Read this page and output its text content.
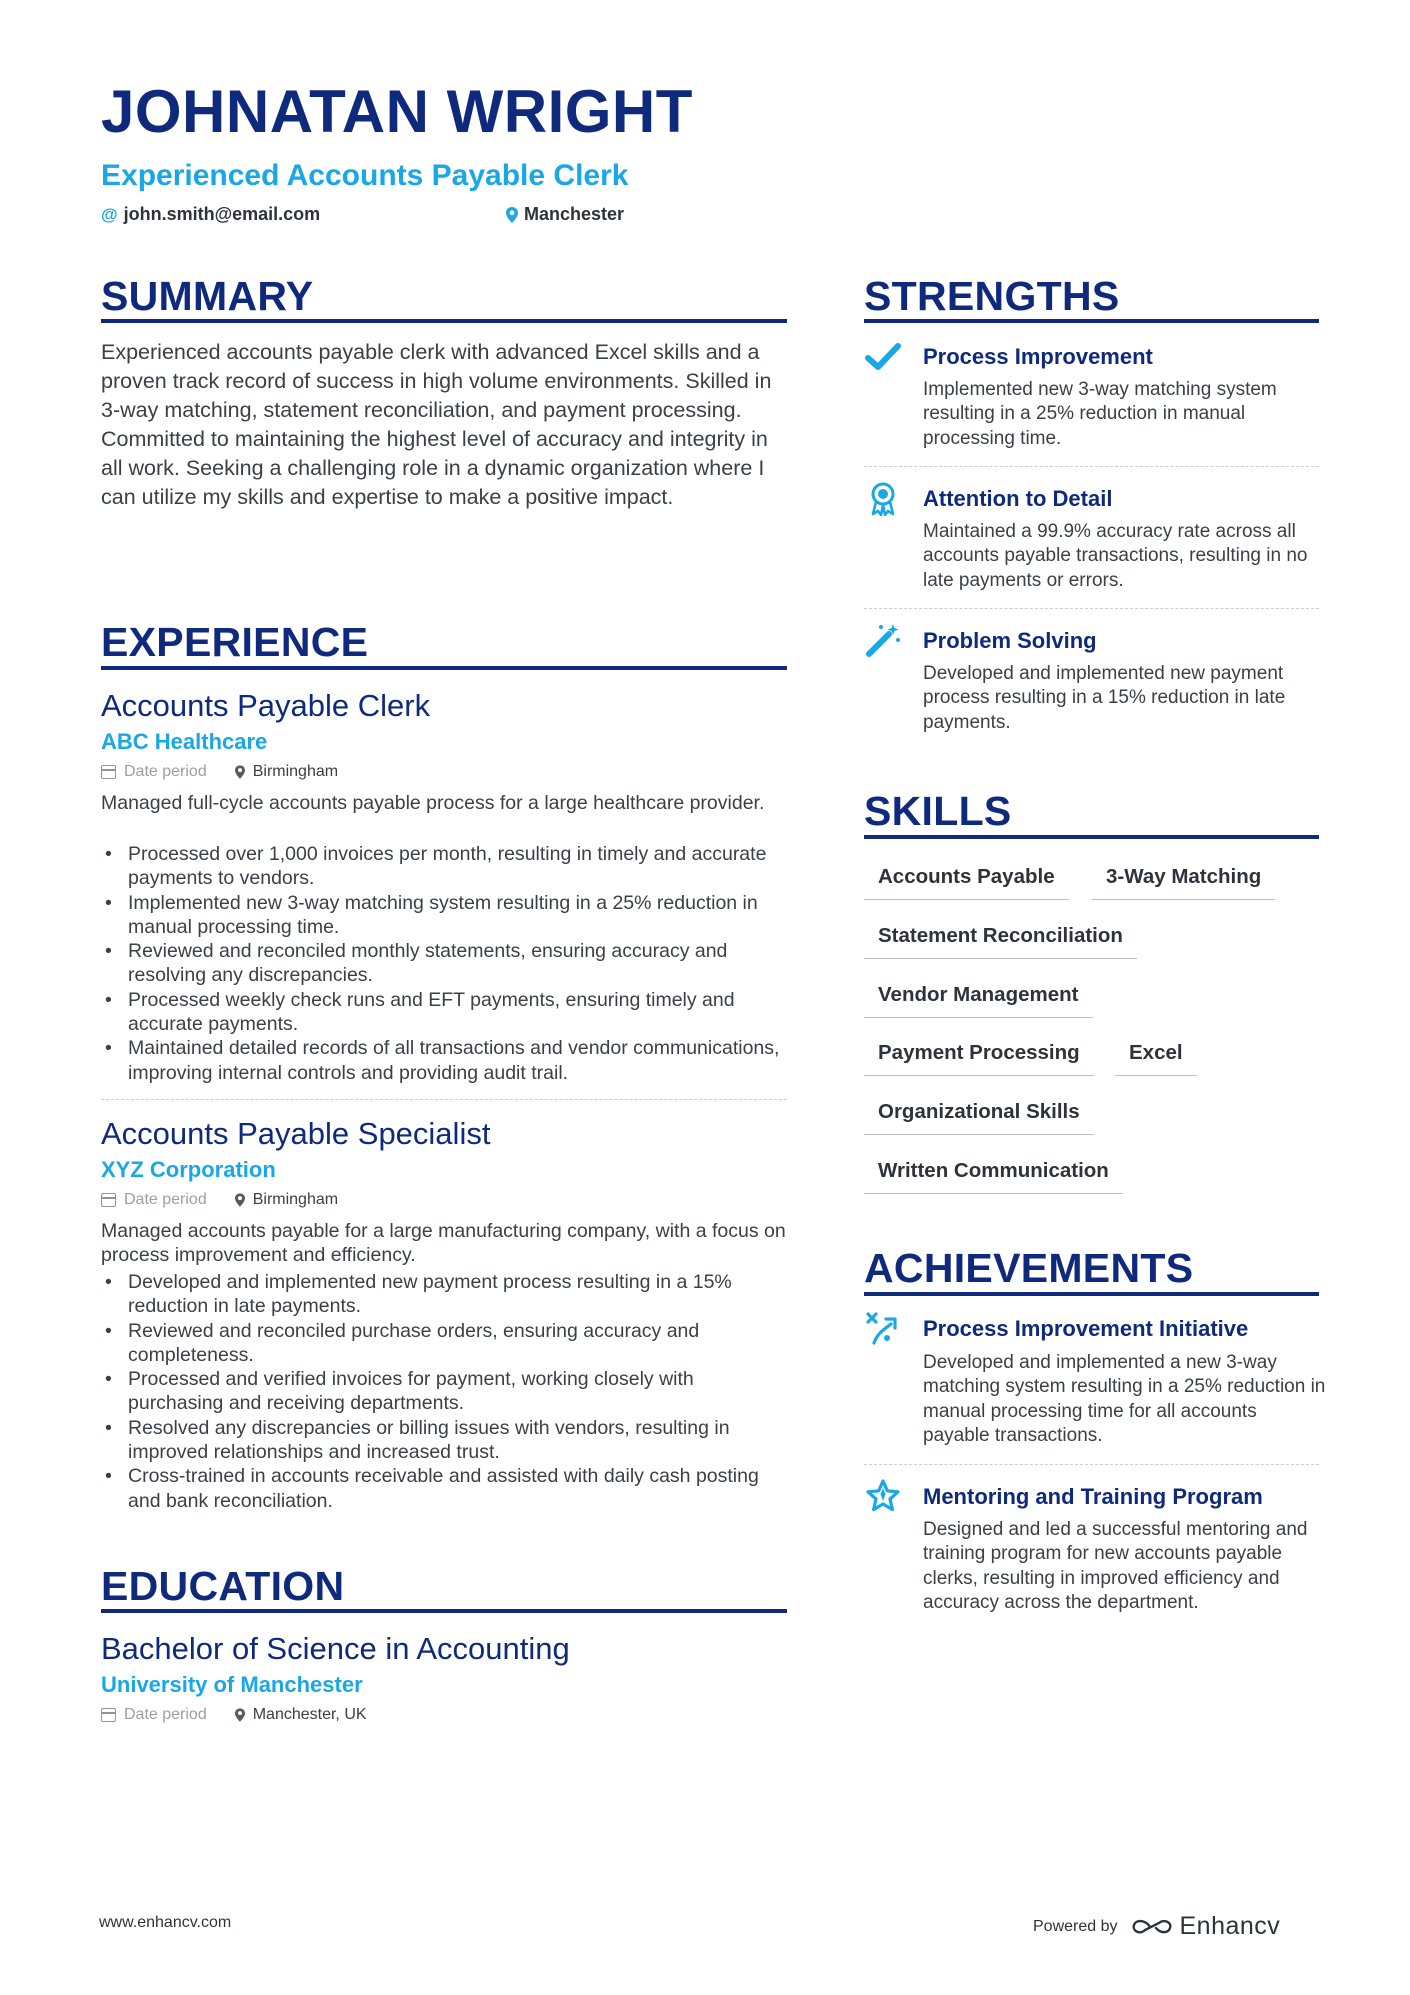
JOHNATAN WRIGHT
Experienced Accounts Payable Clerk
@ john.smith@email.com	Manchester
SUMMARY

Experienced accounts payable clerk with advanced Excel skills and a proven track record of success in high volume environments. Skilled in 3-way matching, statement reconciliation, and payment processing. Committed to maintaining the highest level of accuracy and integrity in all work. Seeking a challenging role in a dynamic organization where I can utilize my skills and expertise to make a positive impact.

EXPERIENCE
Accounts Payable Clerk
ABC Healthcare
Date period	Birmingham

Managed full-cycle accounts payable process for a large healthcare provider.

• Processed over 1,000 invoices per month, resulting in timely and accurate payments to vendors.
• Implemented new 3-way matching system resulting in a 25% reduction in manual processing time.
• Reviewed and reconciled monthly statements, ensuring accuracy and resolving any discrepancies.
• Processed weekly check runs and EFT payments, ensuring timely and accurate payments.
• Maintained detailed records of all transactions and vendor communications, improving internal controls and providing audit trail.
Accounts Payable Specialist
XYZ Corporation
Date period	Birmingham

Managed accounts payable for a large manufacturing company, with a focus on process improvement and efficiency.

• Developed and implemented new payment process resulting in a 15% reduction in late payments.
• Reviewed and reconciled purchase orders, ensuring accuracy and completeness.
• Processed and verified invoices for payment, working closely with purchasing and receiving departments.
• Resolved any discrepancies or billing issues with vendors, resulting in improved relationships and increased trust.
• Cross-trained in accounts receivable and assisted with daily cash posting and bank reconciliation.
EDUCATION
Bachelor of Science in Accounting
University of Manchester
Date period	Manchester, UK
STRENGTHS
Process Improvement

Implemented new 3-way matching system resulting in a 25% reduction in manual processing time.

Attention to Detail

Maintained a 99.9% accuracy rate across all accounts payable transactions, resulting in no late payments or errors.

Problem Solving

Developed and implemented new payment process resulting in a 15% reduction in late payments.

SKILLS
Accounts Payable	3-Way Matching
Statement Reconciliation
Vendor Management
Payment Processing	Excel
Organizational Skills
Written Communication
ACHIEVEMENTS
Process Improvement Initiative

Developed and implemented a new 3-way matching system resulting in a 25% reduction in manual processing time for all accounts payable transactions.

Mentoring and Training Program

Designed and led a successful mentoring and training program for new accounts payable clerks, resulting in improved efficiency and accuracy across the department.

www.enhancv.com	Powered by Enhancv
